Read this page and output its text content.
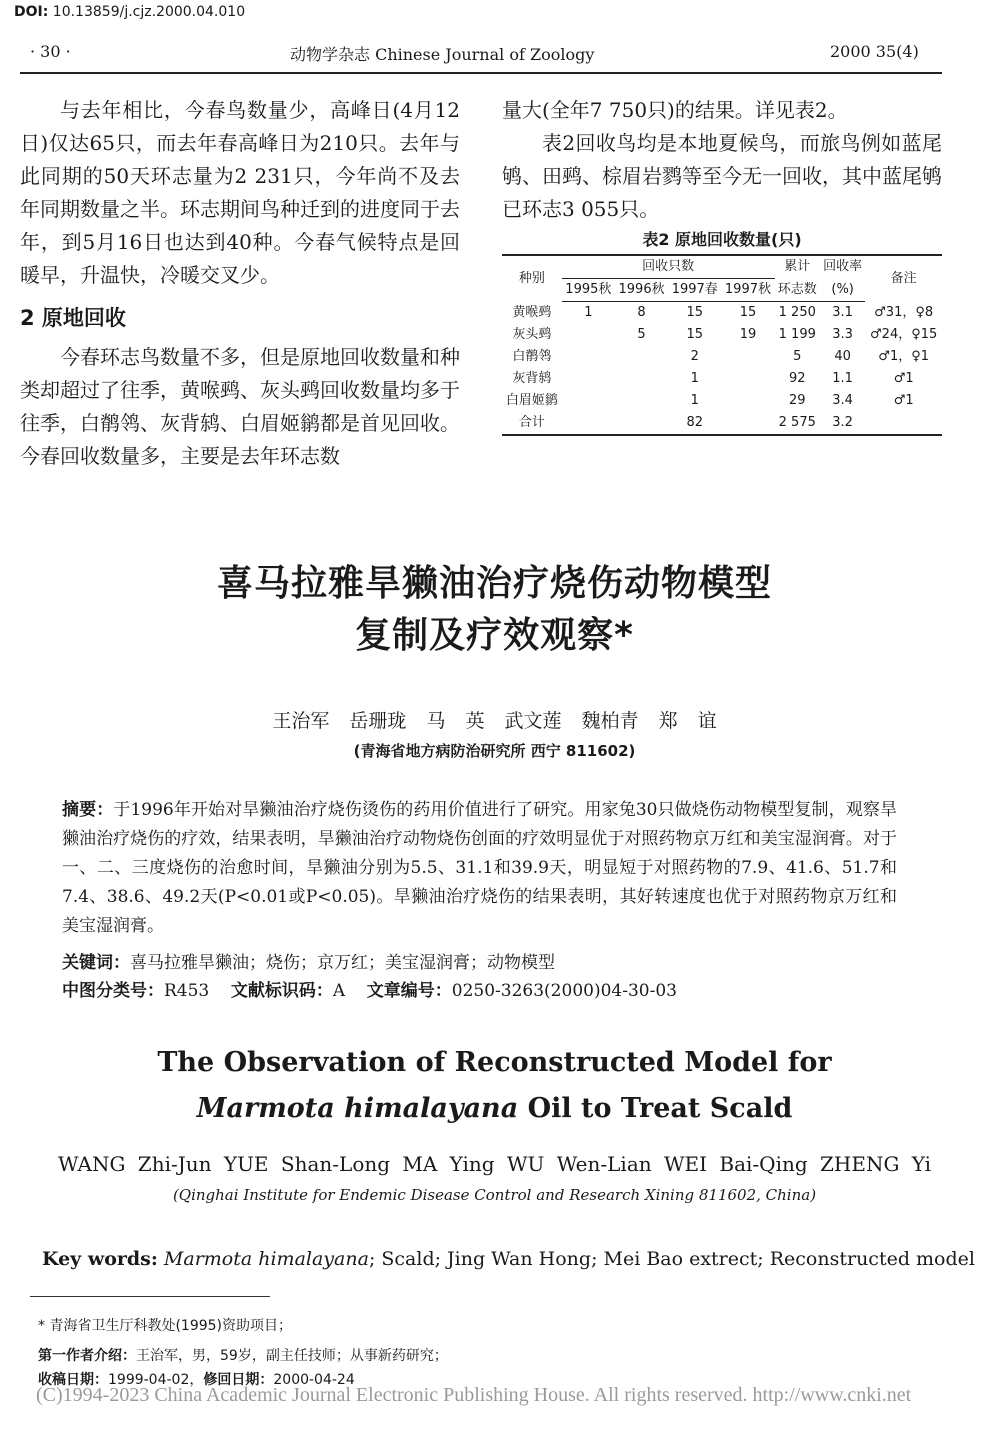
DOI: 10.13859/j.cjz.2000.04.010
· 30 ·	动物学杂志 Chinese Journal of Zoology	2000 35(4)

与去年相比，今春鸟数量少，高峰日(4月12日)仅达65只，而去年春高峰日为210只。去年与此同期的50天环志量为2 231只，今年尚不及去年同期数量之半。环志期间鸟种迁到的进度同于去年，到5月16日也达到40种。今春气候特点是回暖早，升温快，冷暖交叉少。

2 原地回收

今春环志鸟数量不多，但是原地回收数量和种类却超过了往季，黄喉鹀、灰头鹀回收数量均多于往季，白鹡鸰、灰背鸫、白眉姬鹟都是首见回收。今春回收数量多，主要是去年环志数

量大(全年7 750只)的结果。详见表2。

表2回收鸟均是本地夏候鸟，而旅鸟例如蓝尾鸲、田鹀、棕眉岩鹨等至今无一回收，其中蓝尾鸲已环志3 055只。

表2 原地回收数量(只)
种别	回收只数				累计	回收率	备注
	1995秋	1996秋	1997春	1997秋	环志数	(%)	
黄喉鹀	1	8	15	15	1 250	3.1	♂31，♀8
灰头鹀		5	15	19	1 199	3.3	♂24，♀15
白鹡鸰			2		5	40	♂1，♀1
灰背鸫			1		92	1.1	♂1
白眉姬鹟			1		29	3.4	♂1
合计			82		2 575	3.2	
喜马拉雅旱獭油治疗烧伤动物模型
复制及疗效观察*
王治军 岳珊珑 马 英 武文莲 魏柏青 郑 谊
(青海省地方病防治研究所 西宁 811602)
摘要：于1996年开始对旱獭油治疗烧伤烫伤的药用价值进行了研究。用家兔30只做烧伤动物模型复制，观察旱獭油治疗烧伤的疗效，结果表明，旱獭油治疗动物烧伤创面的疗效明显优于对照药物京万红和美宝湿润膏。对于一、二、三度烧伤的治愈时间，旱獭油分别为5.5、31.1和39.9天，明显短于对照药物的7.9、41.6、51.7和7.4、38.6、49.2天(P<0.01或P<0.05)。旱獭油治疗烧伤的结果表明，其好转速度也优于对照药物京万红和美宝湿润膏。
关键词：喜马拉雅旱獭油；烧伤；京万红；美宝湿润膏；动物模型
中图分类号：R453 文献标识码：A 文章编号：0250-3263(2000)04-30-03
The Observation of Reconstructed Model for
Marmota himalayana Oil to Treat Scald
WANG Zhi-Jun YUE Shan-Long MA Ying WU Wen-Lian WEI Bai-Qing ZHENG Yi
(Qinghai Institute for Endemic Disease Control and Research Xining 811602, China)
Key words: Marmota himalayana; Scald; Jing Wan Hong; Mei Bao extrect; Reconstructed model
* 青海省卫生厅科教处(1995)资助项目；
第一作者介绍：王治军，男，59岁，副主任技师；从事新药研究；
收稿日期：1999-04-02，修回日期：2000-04-24
(C)1994-2023 China Academic Journal Electronic Publishing House. All rights reserved. http://www.cnki.net
